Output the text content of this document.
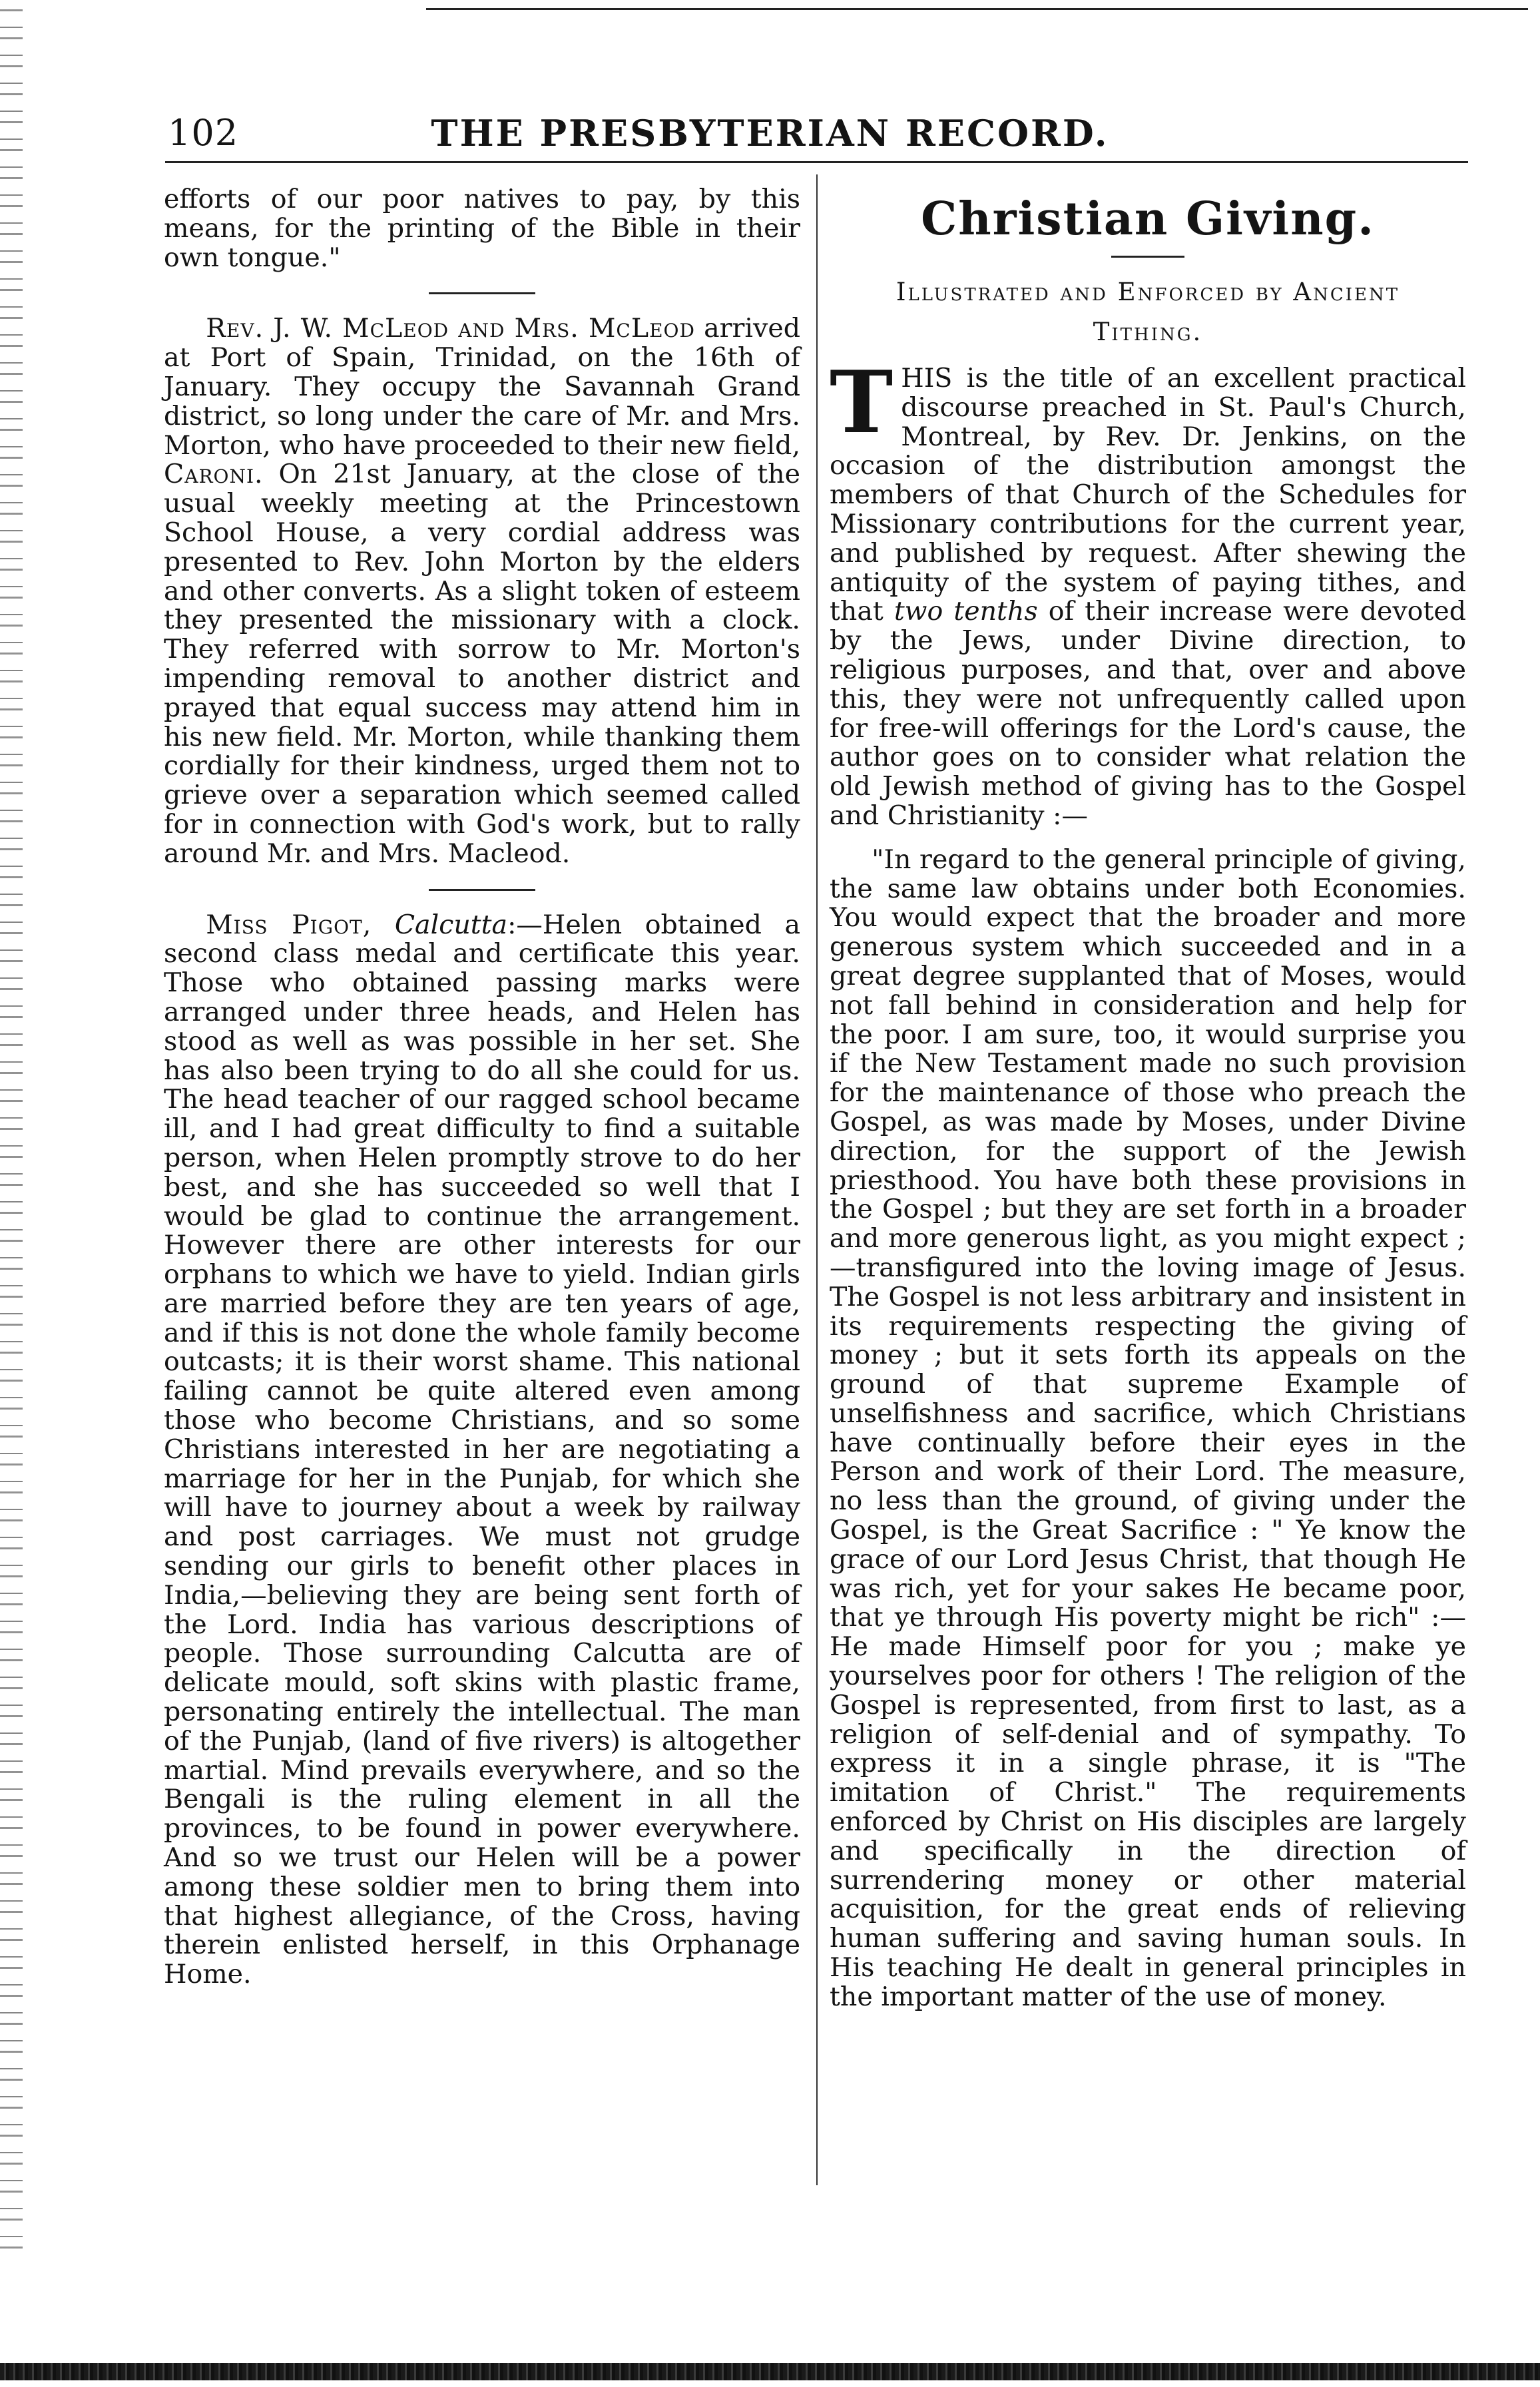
102	THE PRESBYTERIAN RECORD.

efforts of our poor natives to pay, by this means, for the printing of the Bible in their own tongue."

Rev. J. W. McLeod and Mrs. McLeod arrived at Port of Spain, Trinidad, on the 16th of January. They occupy the Savannah Grand district, so long under the care of Mr. and Mrs. Morton, who have proceeded to their new field, Caroni. On 21st January, at the close of the usual weekly meeting at the Princestown School House, a very cordial address was presented to Rev. John Morton by the elders and other converts. As a slight token of esteem they presented the missionary with a clock. They referred with sorrow to Mr. Morton's impending removal to another district and prayed that equal success may attend him in his new field. Mr. Morton, while thanking them cordially for their kindness, urged them not to grieve over a separation which seemed called for in connection with God's work, but to rally around Mr. and Mrs. Macleod.

Miss Pigot, Calcutta:—Helen obtained a second class medal and certificate this year. Those who obtained passing marks were arranged under three heads, and Helen has stood as well as was possible in her set. She has also been trying to do all she could for us. The head teacher of our ragged school became ill, and I had great difficulty to find a suitable person, when Helen promptly strove to do her best, and she has succeeded so well that I would be glad to continue the arrangement. However there are other interests for our orphans to which we have to yield. Indian girls are married before they are ten years of age, and if this is not done the whole family become outcasts; it is their worst shame. This national failing cannot be quite altered even among those who become Christians, and so some Christians interested in her are negotiating a marriage for her in the Punjab, for which she will have to journey about a week by railway and post carriages. We must not grudge sending our girls to benefit other places in India,—believing they are being sent forth of the Lord. India has various descriptions of people. Those surrounding Calcutta are of delicate mould, soft skins with plastic frame, personating entirely the intellectual. The man of the Punjab, (land of five rivers) is altogether martial. Mind prevails everywhere, and so the Bengali is the ruling element in all the provinces, to be found in power everywhere. And so we trust our Helen will be a power among these soldier men to bring them into that highest allegiance, of the Cross, having therein enlisted herself, in this Orphanage Home.

Christian Giving.
Illustrated and Enforced by Ancient
Tithing.

THIS is the title of an excellent practical discourse preached in St. Paul's Church, Montreal, by Rev. Dr. Jenkins, on the occasion of the distribution amongst the members of that Church of the Schedules for Missionary contributions for the current year, and published by request. After shewing the antiquity of the system of paying tithes, and that two tenths of their increase were devoted by the Jews, under Divine direction, to religious purposes, and that, over and above this, they were not unfrequently called upon for free-will offerings for the Lord's cause, the author goes on to consider what relation the old Jewish method of giving has to the Gospel and Christianity :—

"In regard to the general principle of giving, the same law obtains under both Economies. You would expect that the broader and more generous system which succeeded and in a great degree supplanted that of Moses, would not fall behind in consideration and help for the poor. I am sure, too, it would surprise you if the New Testament made no such provision for the maintenance of those who preach the Gospel, as was made by Moses, under Divine direction, for the support of the Jewish priesthood. You have both these provisions in the Gospel ; but they are set forth in a broader and more generous light, as you might expect ;—transfigured into the loving image of Jesus. The Gospel is not less arbitrary and insistent in its requirements respecting the giving of money ; but it sets forth its appeals on the ground of that supreme Example of unselfishness and sacrifice, which Christians have continually before their eyes in the Person and work of their Lord. The measure, no less than the ground, of giving under the Gospel, is the Great Sacrifice : " Ye know the grace of our Lord Jesus Christ, that though He was rich, yet for your sakes He became poor, that ye through His poverty might be rich" :—He made Himself poor for you ; make ye yourselves poor for others ! The religion of the Gospel is represented, from first to last, as a religion of self-denial and of sympathy. To express it in a single phrase, it is "The imitation of Christ." The requirements enforced by Christ on His disciples are largely and specifically in the direction of surrendering money or other material acquisition, for the great ends of relieving human suffering and saving human souls. In His teaching He dealt in general principles in the important matter of the use of money.
